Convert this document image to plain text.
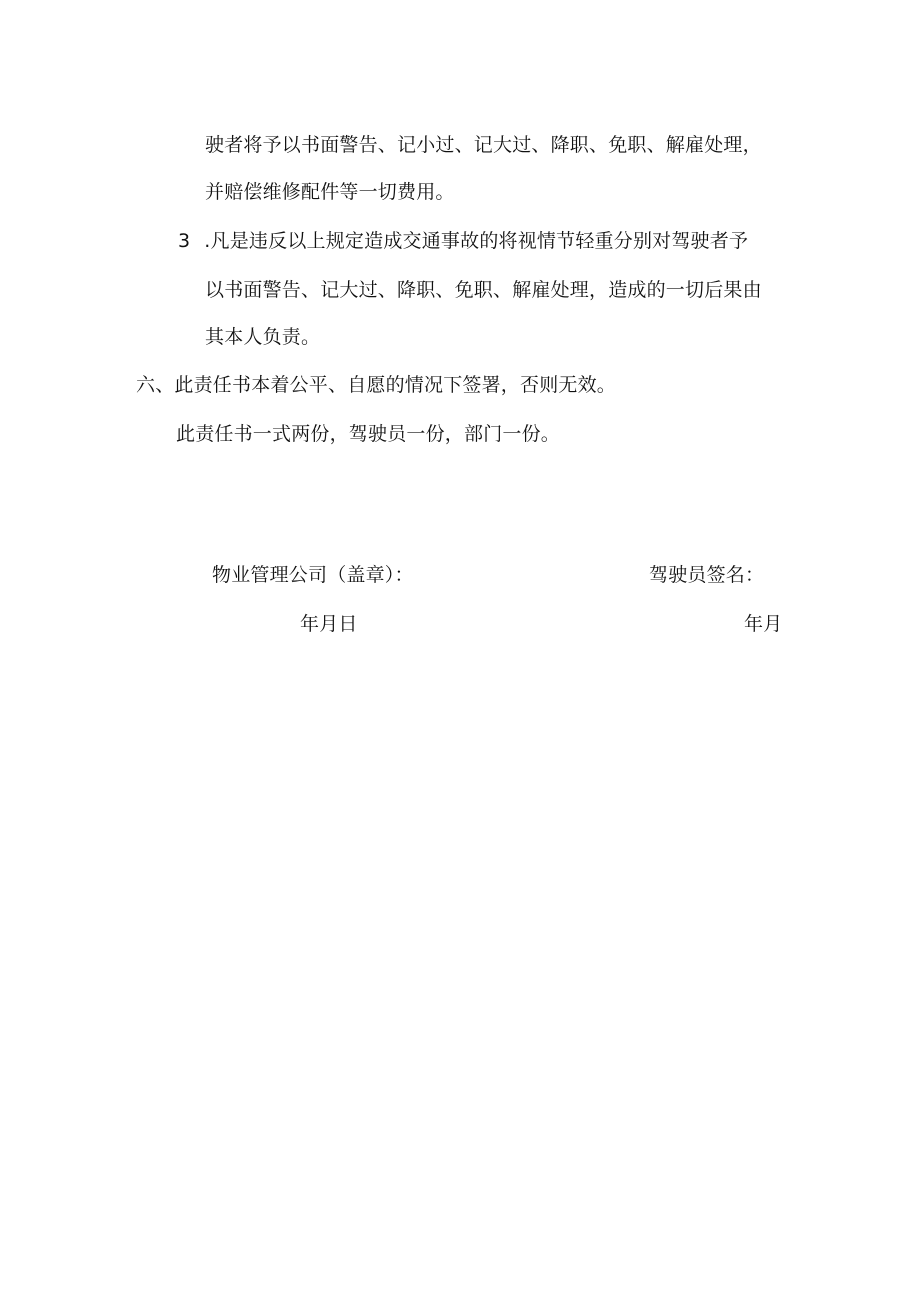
驶者将予以书面警告、记小过、记大过、降职、免职、解雇处理，
并赔偿维修配件等一切费用。
3 .凡是违反以上规定造成交通事故的将视情节轻重分别对驾驶者予
以书面警告、记大过、降职、免职、解雇处理，造成的一切后果由
其本人负责。
六、此责任书本着公平、自愿的情况下签署，否则无效。
此责任书一式两份，驾驶员一份，部门一份。
物业管理公司（盖章）：	驾驶员签名：
年月日	年月
